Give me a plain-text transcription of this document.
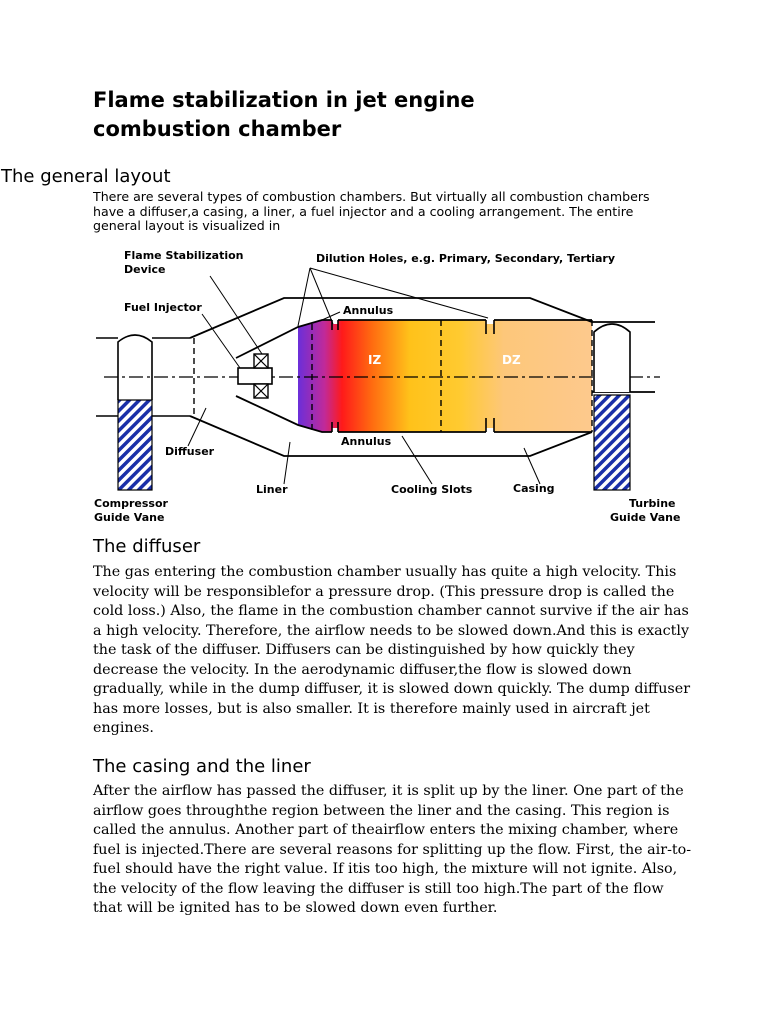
Flame stabilization in jet engine combustion chamber
The general layout

There are several types of combustion chambers. But virtually all combustion chambers have a diffuser,a casing, a liner, a fuel injector and a cooling arrangement. The entire general layout is visualized in

Flame Stabilization
Device
Dilution Holes, e.g. Primary, Secondary, Tertiary
Fuel Injector	Annulus
PZ	IZ	DZ
Annulus
Diffuser
Liner	Cooling Slots	Casing
Compressor
Guide Vane
Turbine
Guide Vane
The diffuser

The gas entering the combustion chamber usually has quite a high velocity. This velocity will be responsiblefor a pressure drop. (This pressure drop is called the cold loss.) Also, the flame in the combustion chamber cannot survive if the air has a high velocity. Therefore, the airflow needs to be slowed down.And this is exactly the task of the diffuser. Diffusers can be distinguished by how quickly they decrease the velocity. In the aerodynamic diffuser,the flow is slowed down gradually, while in the dump diffuser, it is slowed down quickly. The dump diffuser has more losses, but is also smaller. It is therefore mainly used in aircraft jet engines.

The casing and the liner

After the airflow has passed the diffuser, it is split up by the liner. One part of the airflow goes throughthe region between the liner and the casing. This region is called the annulus. Another part of theairflow enters the mixing chamber, where fuel is injected.There are several reasons for splitting up the flow. First, the air-to-fuel should have the right value. If itis too high, the mixture will not ignite. Also, the velocity of the flow leaving the diffuser is still too high.The part of the flow that will be ignited has to be slowed down even further.
